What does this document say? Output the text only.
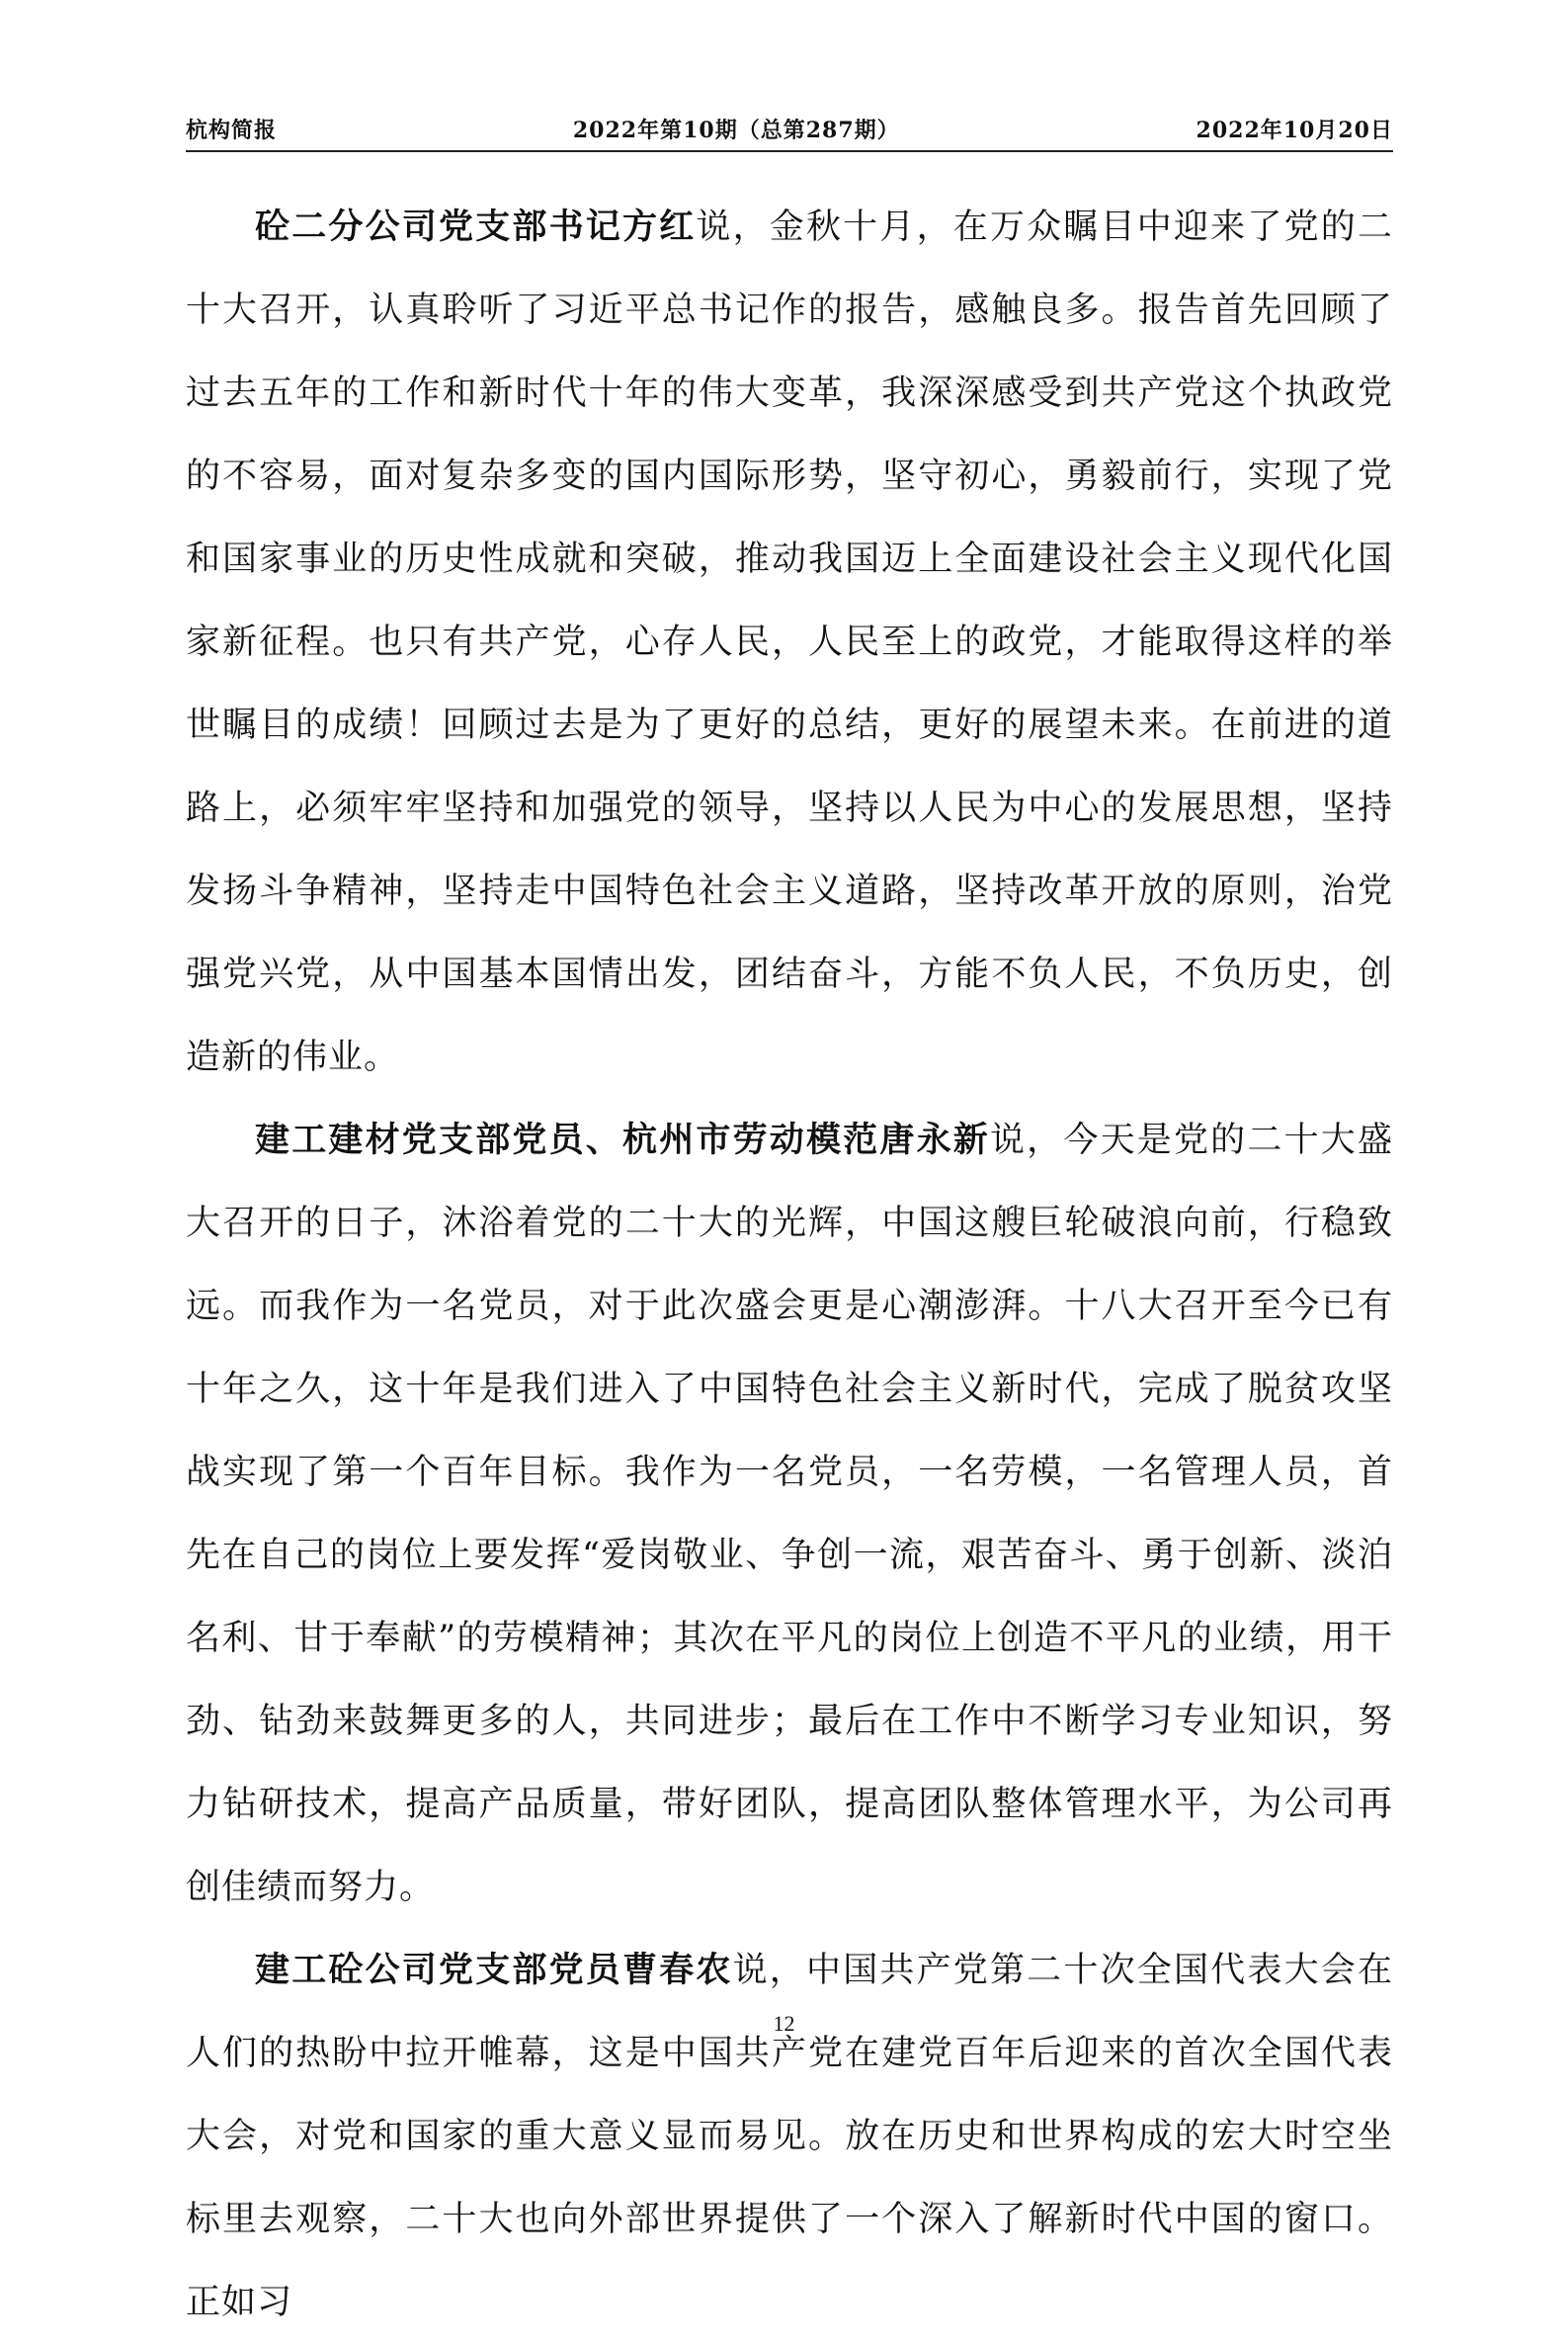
杭构简报	2022年第10期（总第287期）	2022年10月20日

砼二分公司党支部书记方红说，金秋十月，在万众瞩目中迎来了党的二十大召开，认真聆听了习近平总书记作的报告，感触良多。报告首先回顾了过去五年的工作和新时代十年的伟大变革，我深深感受到共产党这个执政党的不容易，面对复杂多变的国内国际形势，坚守初心，勇毅前行，实现了党和国家事业的历史性成就和突破，推动我国迈上全面建设社会主义现代化国家新征程。也只有共产党，心存人民，人民至上的政党，才能取得这样的举世瞩目的成绩！回顾过去是为了更好的总结，更好的展望未来。在前进的道路上，必须牢牢坚持和加强党的领导，坚持以人民为中心的发展思想，坚持发扬斗争精神，坚持走中国特色社会主义道路，坚持改革开放的原则，治党强党兴党，从中国基本国情出发，团结奋斗，方能不负人民，不负历史，创造新的伟业。

建工建材党支部党员、杭州市劳动模范唐永新说，今天是党的二十大盛大召开的日子，沐浴着党的二十大的光辉，中国这艘巨轮破浪向前，行稳致远。而我作为一名党员，对于此次盛会更是心潮澎湃。十八大召开至今已有十年之久，这十年是我们进入了中国特色社会主义新时代，完成了脱贫攻坚战实现了第一个百年目标。我作为一名党员，一名劳模，一名管理人员，首先在自己的岗位上要发挥“爱岗敬业、争创一流，艰苦奋斗、勇于创新、淡泊名利、甘于奉献”的劳模精神；其次在平凡的岗位上创造不平凡的业绩，用干劲、钻劲来鼓舞更多的人，共同进步；最后在工作中不断学习专业知识，努力钻研技术，提高产品质量，带好团队，提高团队整体管理水平，为公司再创佳绩而努力。

建工砼公司党支部党员曹春农说，中国共产党第二十次全国代表大会在人们的热盼中拉开帷幕，这是中国共产党在建党百年后迎来的首次全国代表大会，对党和国家的重大意义显而易见。放在历史和世界构成的宏大时空坐标里去观察，二十大也向外部世界提供了一个深入了解新时代中国的窗口。正如习

12
